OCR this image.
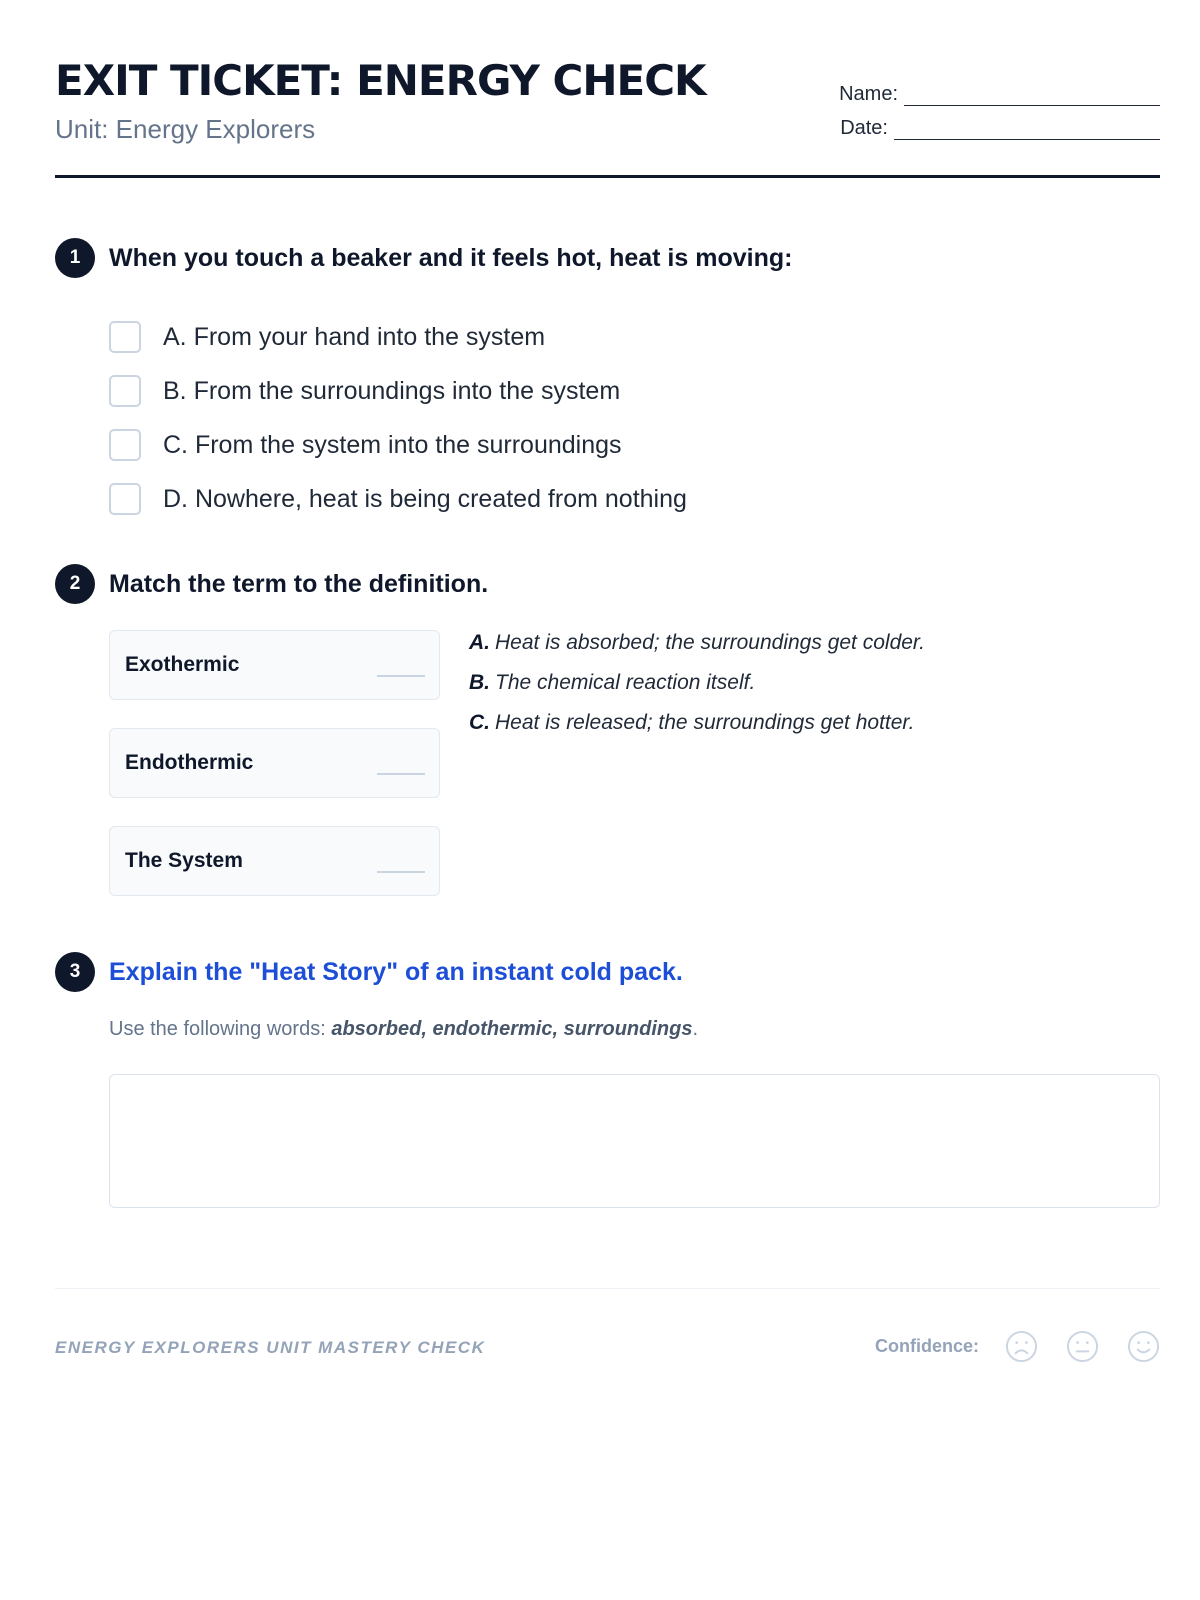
EXIT TICKET: ENERGY CHECK
Unit: Energy Explorers
Name:
Date:
1	When you touch a beaker and it feels hot, heat is moving:
A. From your hand into the system
B. From the surroundings into the system
C. From the system into the surroundings
D. Nowhere, heat is being created from nothing
2	Match the term to the definition.
Exothermic
Endothermic
The System
A. Heat is absorbed; the surroundings get colder.
B. The chemical reaction itself.
C. Heat is released; the surroundings get hotter.
3	Explain the "Heat Story" of an instant cold pack.
Use the following words: absorbed, endothermic, surroundings.
ENERGY EXPLORERS UNIT MASTERY CHECK	Confidence:
